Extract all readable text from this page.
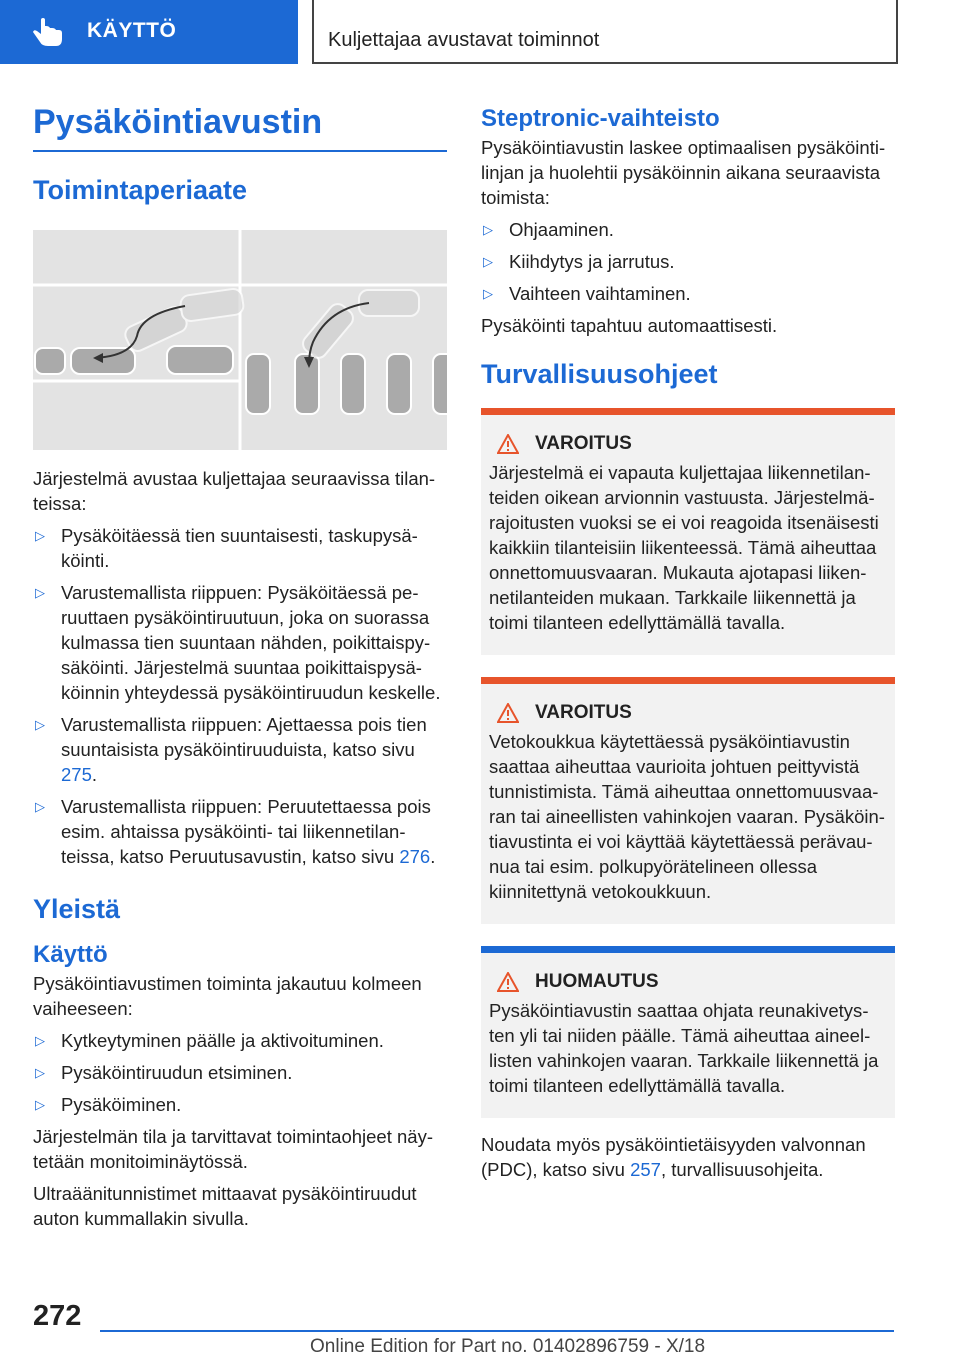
KÄYTTÖ	Kuljettajaa avustavat toiminnot
Pysäköintiavustin
Toimintaperiaate

Järjestelmä avustaa kuljettajaa seuraavissa tilanteissa:

▷ Pysäköitäessä tien suuntaisesti, taskupysäköinti.
▷ Varustemallista riippuen: Pysäköitäessä peruuttaen pysäköintiruutuun, joka on suorassa kulmassa tien suuntaan nähden, poikittaispysäköinti. Järjestelmä suuntaa poikittaispysäköinnin yhteydessä pysäköintiruudun keskelle.
▷ Varustemallista riippuen: Ajettaessa pois tien suuntaisista pysäköintiruuduista, katso sivu 275.
▷ Varustemallista riippuen: Peruutettaessa pois esim. ahtaissa pysäköinti- tai liikennetilanteissa, katso Peruutusavustin, katso sivu 276.
Yleistä
Käyttö

Pysäköintiavustimen toiminta jakautuu kolmeen vaiheeseen:

▷ Kytkeytyminen päälle ja aktivoituminen.
▷ Pysäköintiruudun etsiminen.
▷ Pysäköiminen.

Järjestelmän tila ja tarvittavat toimintaohjeet näytetään monitoiminäytössä.

Ultraäänitunnistimet mittaavat pysäköintiruudut auton kummallakin sivulla.

Steptronic-vaihteisto

Pysäköintiavustin laskee optimaalisen pysäköintilinjan ja huolehtii pysäköinnin aikana seuraavista toimista:

▷ Ohjaaminen.
▷ Kiihdytys ja jarrutus.
▷ Vaihteen vaihtaminen.

Pysäköinti tapahtuu automaattisesti.

Turvallisuusohjeet
VAROITUS

Järjestelmä ei vapauta kuljettajaa liikennetilanteiden oikean arvionnin vastuusta. Järjestelmärajoitusten vuoksi se ei voi reagoida itsenäisesti kaikkiin tilanteisiin liikenteessä. Tämä aiheuttaa onnettomuusvaaran. Mukauta ajotapasi liikennetilanteiden mukaan. Tarkkaile liikennettä ja toimi tilanteen edellyttämällä tavalla.

VAROITUS

Vetokoukkua käytettäessä pysäköintiavustin saattaa aiheuttaa vaurioita johtuen peittyvistä tunnistimista. Tämä aiheuttaa onnettomuusvaaran tai aineellisten vahinkojen vaaran. Pysäköintiavustinta ei voi käyttää käytettäessä perävaunua tai esim. polkupyörätelineen ollessa kiinnitettynä vetokoukkuun.

HUOMAUTUS

Pysäköintiavustin saattaa ohjata reunakivetysten yli tai niiden päälle. Tämä aiheuttaa aineellisten vahinkojen vaaran. Tarkkaile liikennettä ja toimi tilanteen edellyttämällä tavalla.

Noudata myös pysäköintietäisyyden valvonnan (PDC), katso sivu 257, turvallisuusohjeita.

272
Online Edition for Part no. 01402896759 - X/18
